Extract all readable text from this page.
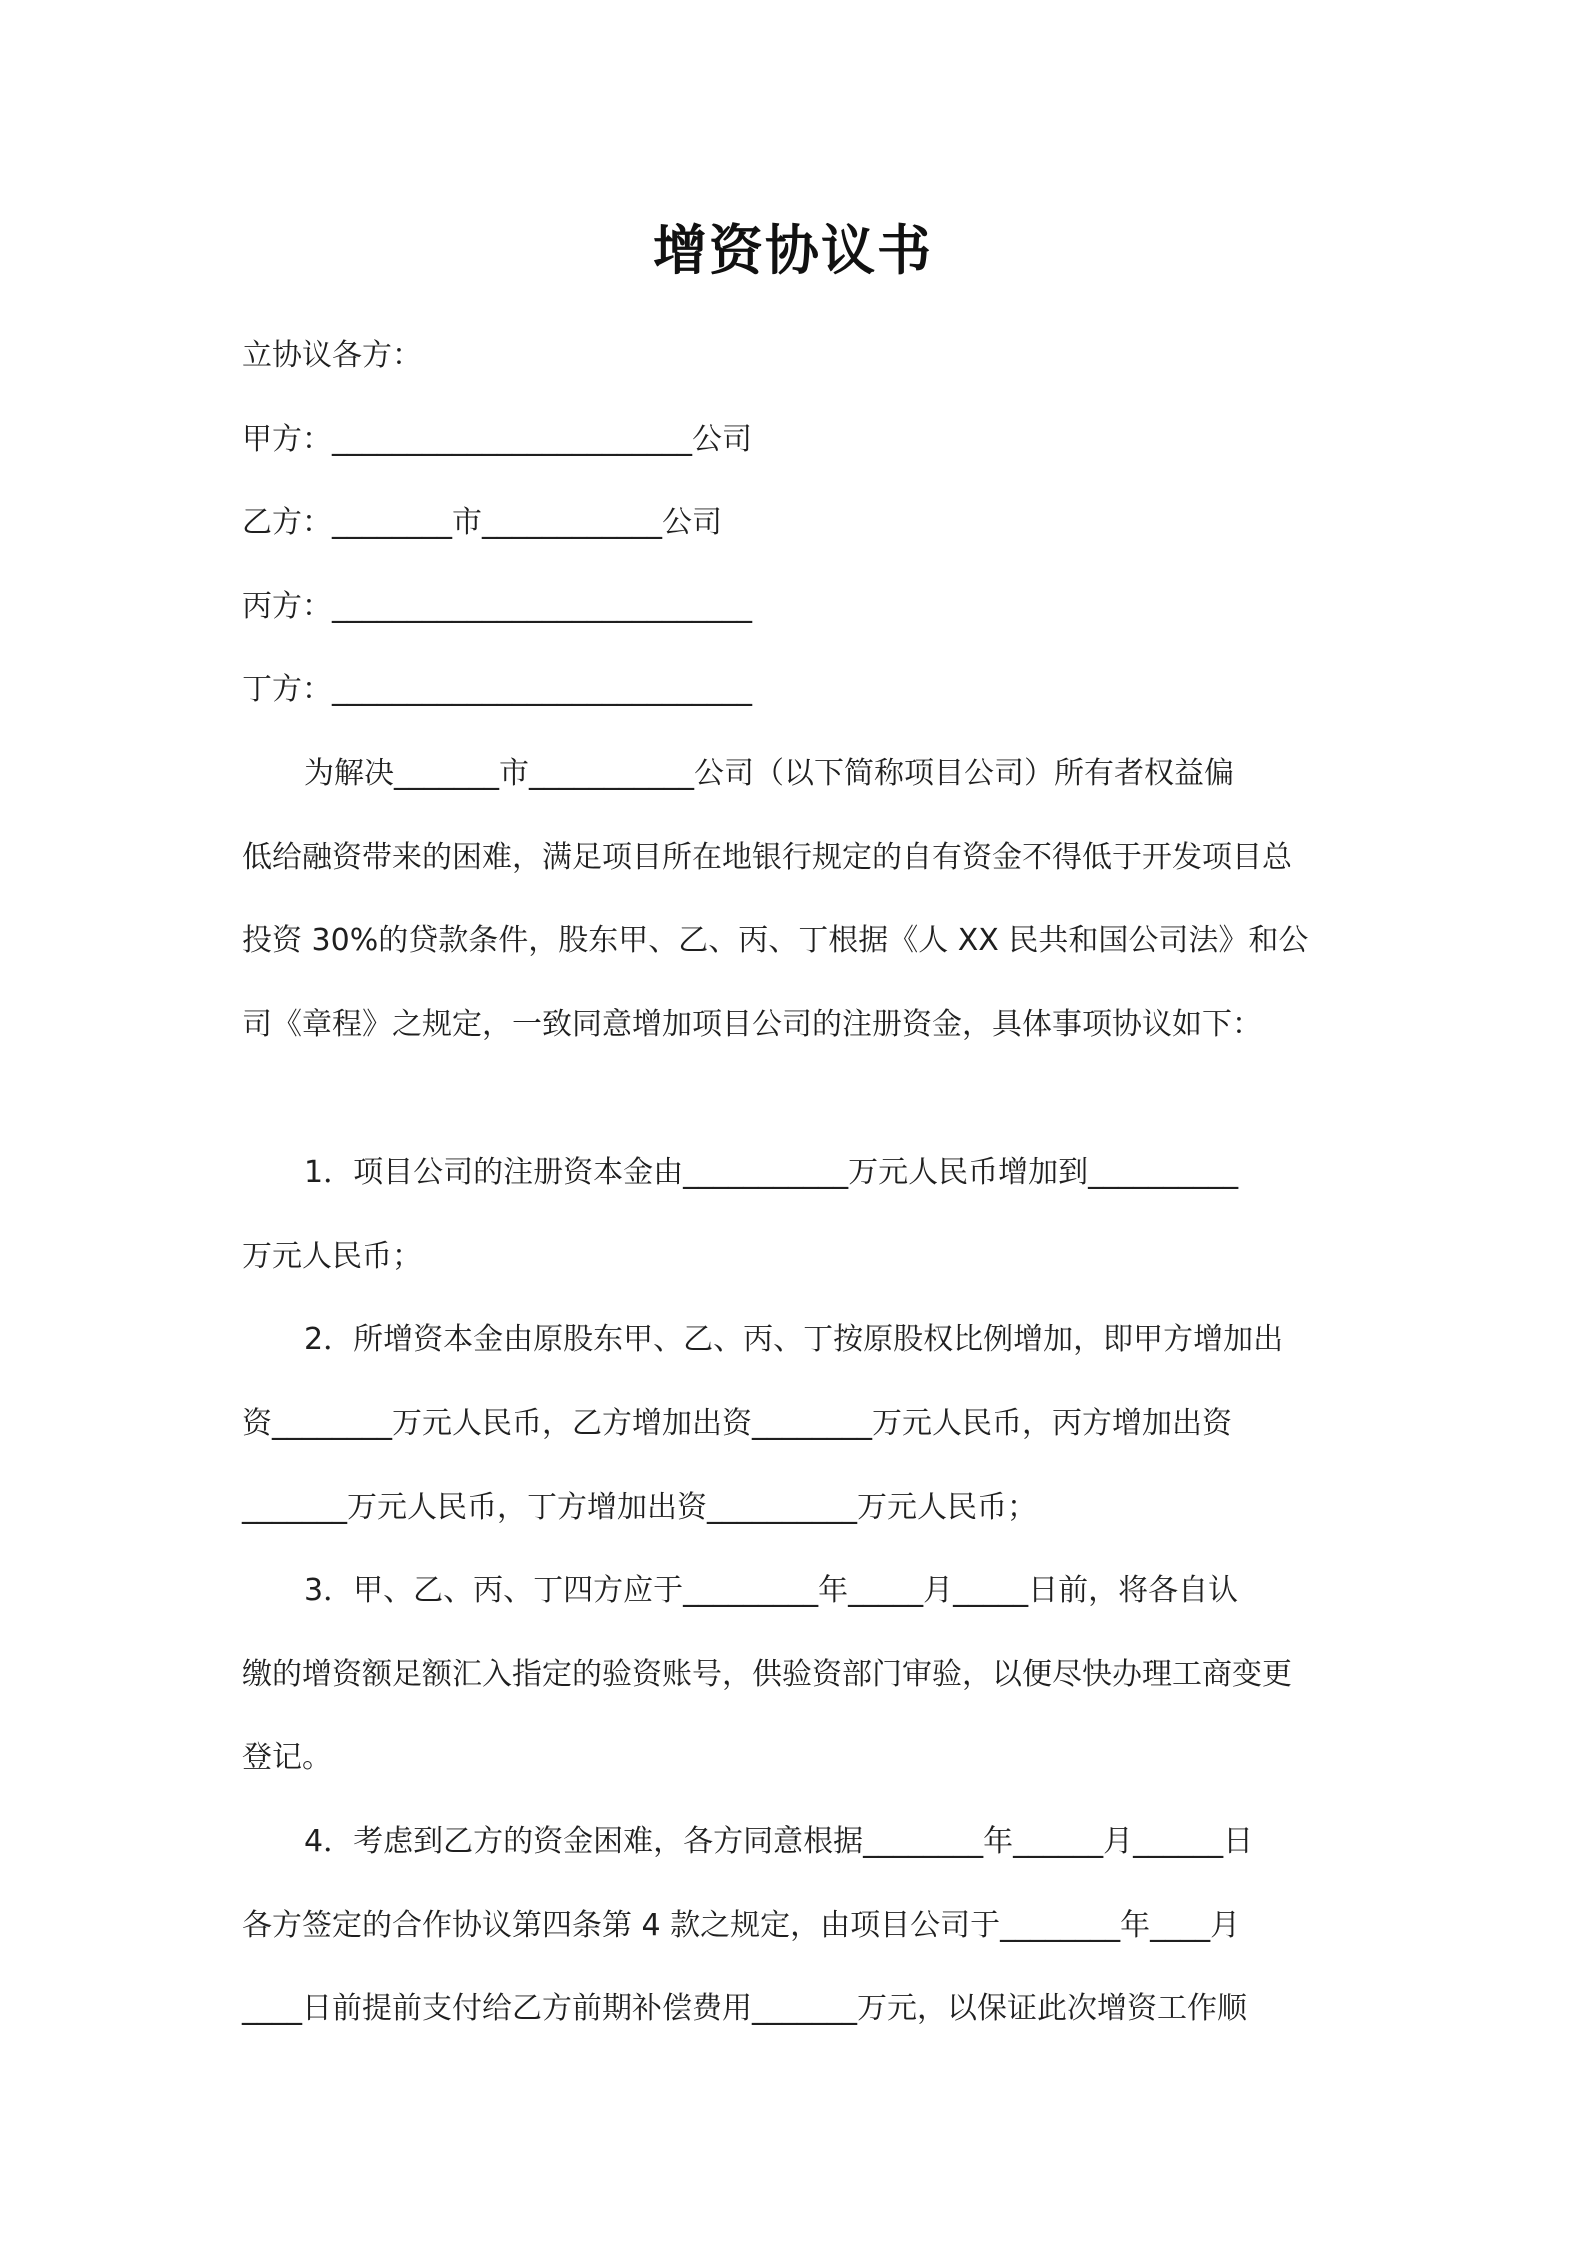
增资协议书
立协议各方：
甲方：________________________公司
乙方：________市____________公司
丙方：____________________________
丁方：____________________________
为解决_______市___________公司（以下简称项目公司）所有者权益偏
低给融资带来的困难，满足项目所在地银行规定的自有资金不得低于开发项目总
投资 30%的贷款条件，股东甲、乙、丙、丁根据《人 XX 民共和国公司法》和公
司《章程》之规定，一致同意增加项目公司的注册资金，具体事项协议如下：
1．项目公司的注册资本金由___________万元人民币增加到__________
万元人民币；
2．所增资本金由原股东甲、乙、丙、丁按原股权比例增加，即甲方增加出
资________万元人民币，乙方增加出资________万元人民币，丙方增加出资
_______万元人民币，丁方增加出资__________万元人民币；
3．甲、乙、丙、丁四方应于_________年_____月_____日前，将各自认
缴的增资额足额汇入指定的验资账号，供验资部门审验，以便尽快办理工商变更
登记。
4．考虑到乙方的资金困难，各方同意根据________年______月______日
各方签定的合作协议第四条第 4 款之规定，由项目公司于________年____月
____日前提前支付给乙方前期补偿费用_______万元，以保证此次增资工作顺
